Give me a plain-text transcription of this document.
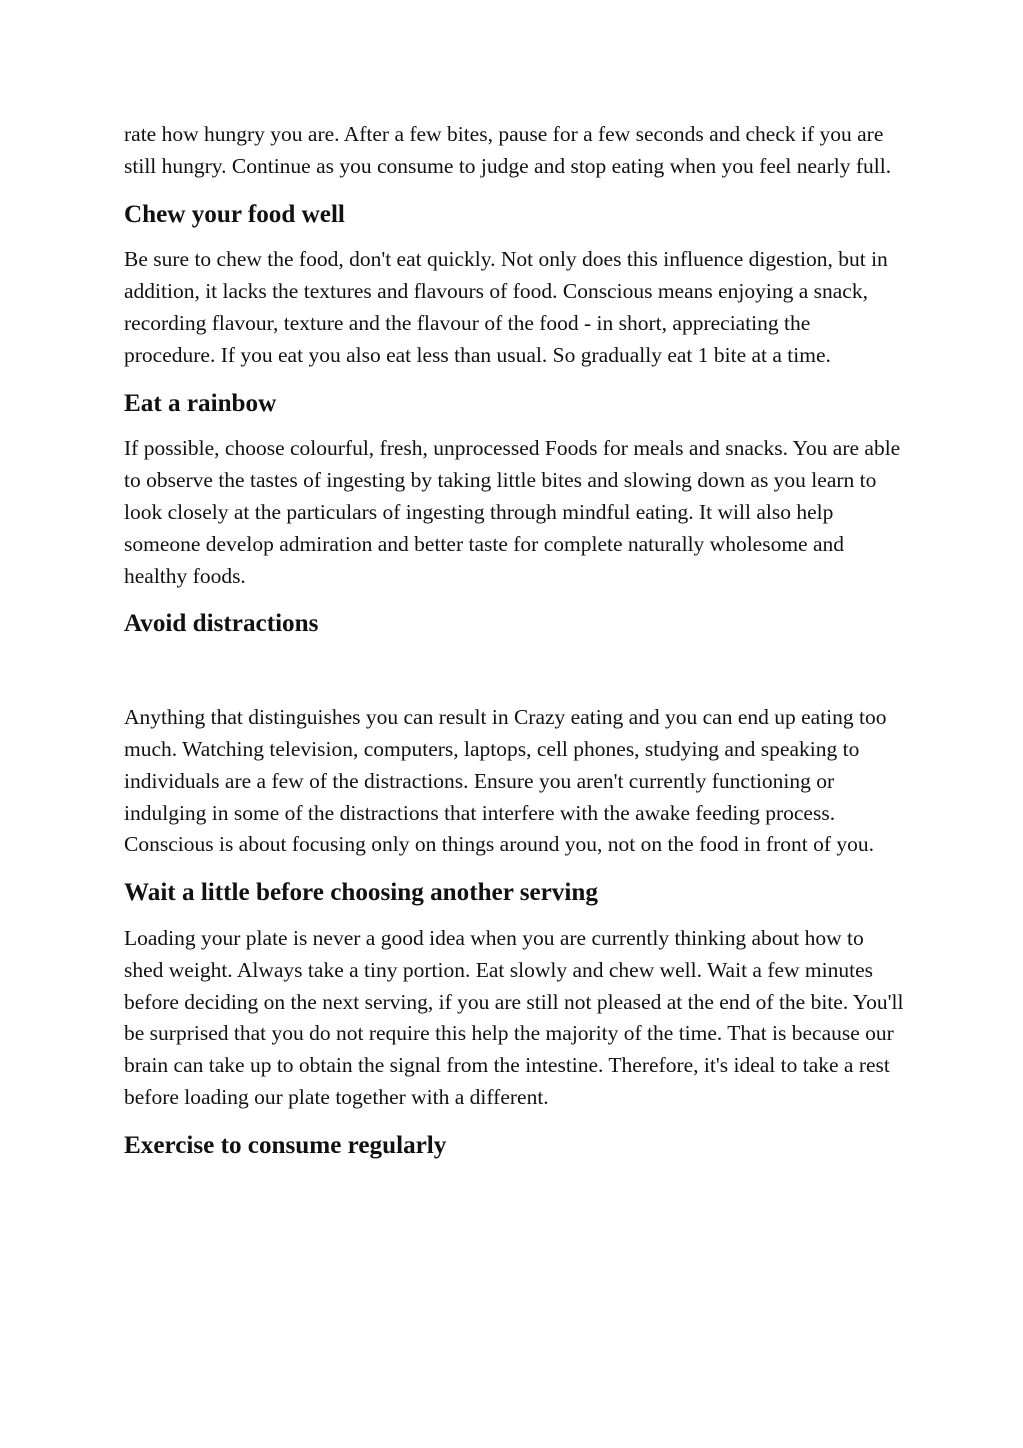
rate how hungry you are. After a few bites, pause for a few seconds and check if you are still hungry. Continue as you consume to judge and stop eating when you feel nearly full.

Chew your food well

Be sure to chew the food, don't eat quickly. Not only does this influence digestion, but in addition, it lacks the textures and flavours of food. Conscious means enjoying a snack, recording flavour, texture and the flavour of the food - in short, appreciating the procedure. If you eat you also eat less than usual. So gradually eat 1 bite at a time.

Eat a rainbow

If possible, choose colourful, fresh, unprocessed Foods for meals and snacks. You are able to observe the tastes of ingesting by taking little bites and slowing down as you learn to look closely at the particulars of ingesting through mindful eating. It will also help someone develop admiration and better taste for complete naturally wholesome and healthy foods.

Avoid distractions

Anything that distinguishes you can result in Crazy eating and you can end up eating too much. Watching television, computers, laptops, cell phones, studying and speaking to individuals are a few of the distractions. Ensure you aren't currently functioning or indulging in some of the distractions that interfere with the awake feeding process. Conscious is about focusing only on things around you, not on the food in front of you.

Wait a little before choosing another serving

Loading your plate is never a good idea when you are currently thinking about how to shed weight. Always take a tiny portion. Eat slowly and chew well. Wait a few minutes before deciding on the next serving, if you are still not pleased at the end of the bite. You'll be surprised that you do not require this help the majority of the time. That is because our brain can take up to obtain the signal from the intestine. Therefore, it's ideal to take a rest before loading our plate together with a different.

Exercise to consume regularly
